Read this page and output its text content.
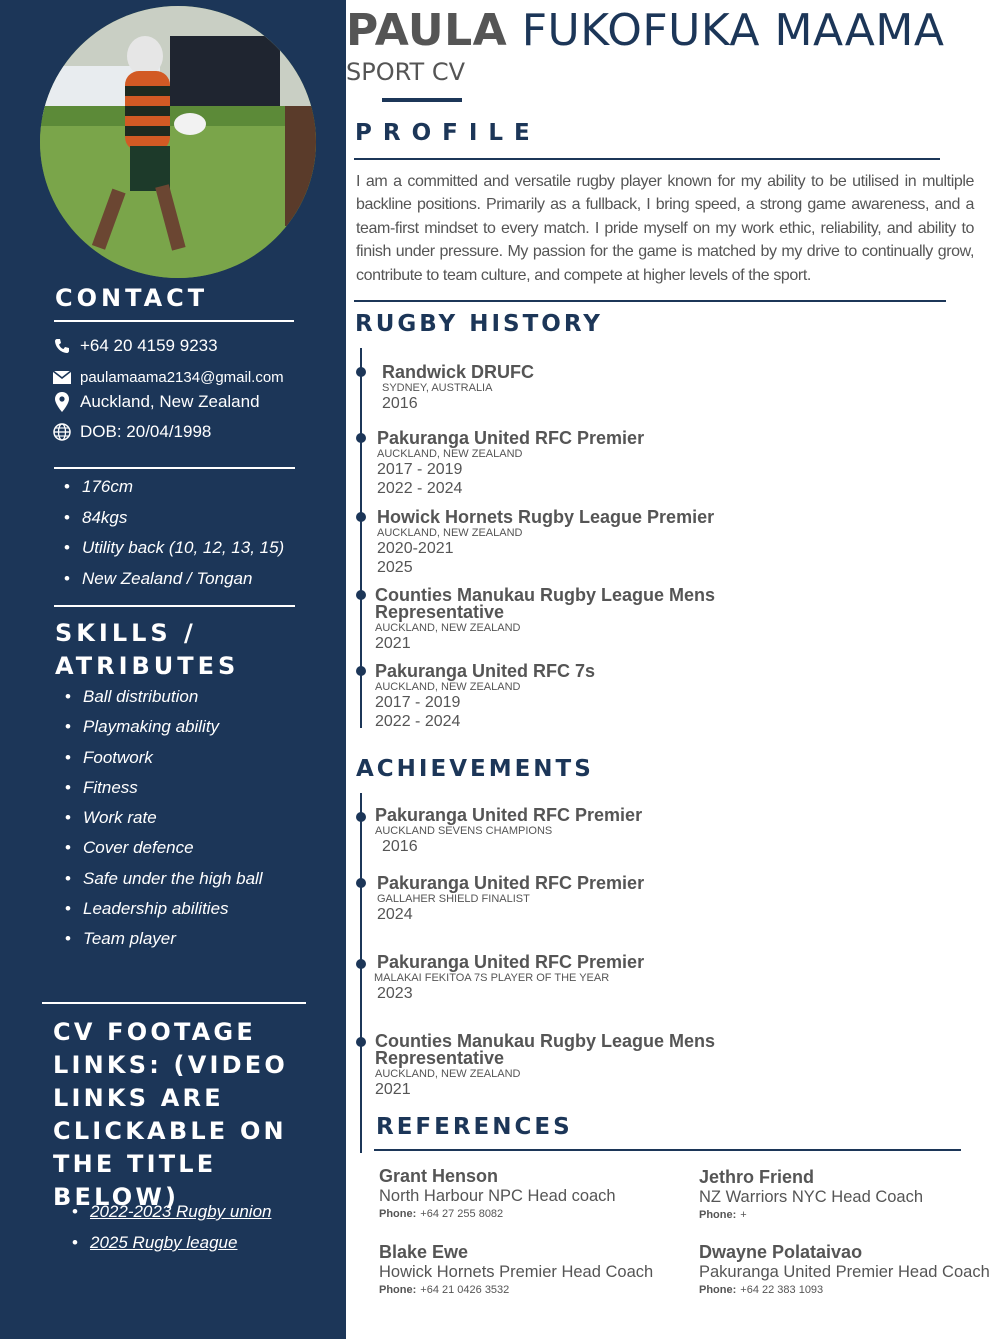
CONTACT
+64 20 4159 9233
paulamaama2134@gmail.com
Auckland, New Zealand
DOB: 20/04/1998
• 176cm
• 84kgs
• Utility back (10, 12, 13, 15)
• New Zealand / Tongan
SKILLS /
ATRIBUTES
• Ball distribution
• Playmaking ability
• Footwork
• Fitness
• Work rate
• Cover defence
• Safe under the high ball
• Leadership abilities
• Team player
CV FOOTAGE LINKS: (VIDEO LINKS ARE CLICKABLE ON THE TITLE BELOW)
• 2022-2023 Rugby union
• 2025 Rugby league
PAULA FUKOFUKA MAAMA
SPORT CV
PROFILE
I am a committed and versatile rugby player known for my ability to be utilised in multiple backline positions. Primarily as a fullback, I bring speed, a strong game awareness, and a team-first mindset to every match. I pride myself on my work ethic, reliability, and ability to finish under pressure. My passion for the game is matched by my drive to continually grow, contribute to team culture, and compete at higher levels of the sport.
RUGBY HISTORY
Randwick DRUFC
SYDNEY, AUSTRALIA
2016
Pakuranga United RFC Premier
AUCKLAND, NEW ZEALAND
2017 - 2019
2022 - 2024
Howick Hornets Rugby League Premier
AUCKLAND, NEW ZEALAND
2020-2021
2025
Counties Manukau Rugby League Mens Representative
AUCKLAND, NEW ZEALAND
2021
Pakuranga United RFC 7s
AUCKLAND, NEW ZEALAND
2017 - 2019
2022 - 2024
ACHIEVEMENTS
Pakuranga United RFC Premier
AUCKLAND SEVENS CHAMPIONS
2016
Pakuranga United RFC Premier
GALLAHER SHIELD FINALIST
2024
Pakuranga United RFC Premier
MALAKAI FEKITOA 7S PLAYER OF THE YEAR
2023
Counties Manukau Rugby League Mens Representative
AUCKLAND, NEW ZEALAND
2021
REFERENCES
Grant Henson
North Harbour NPC Head coach
Phone: +64 27 255 8082
Jethro Friend
NZ Warriors NYC Head Coach
Phone: +
Blake Ewe
Howick Hornets Premier Head Coach
Phone: +64 21 0426 3532
Dwayne Polataivao
Pakuranga United Premier Head Coach
Phone: +64 22 383 1093
